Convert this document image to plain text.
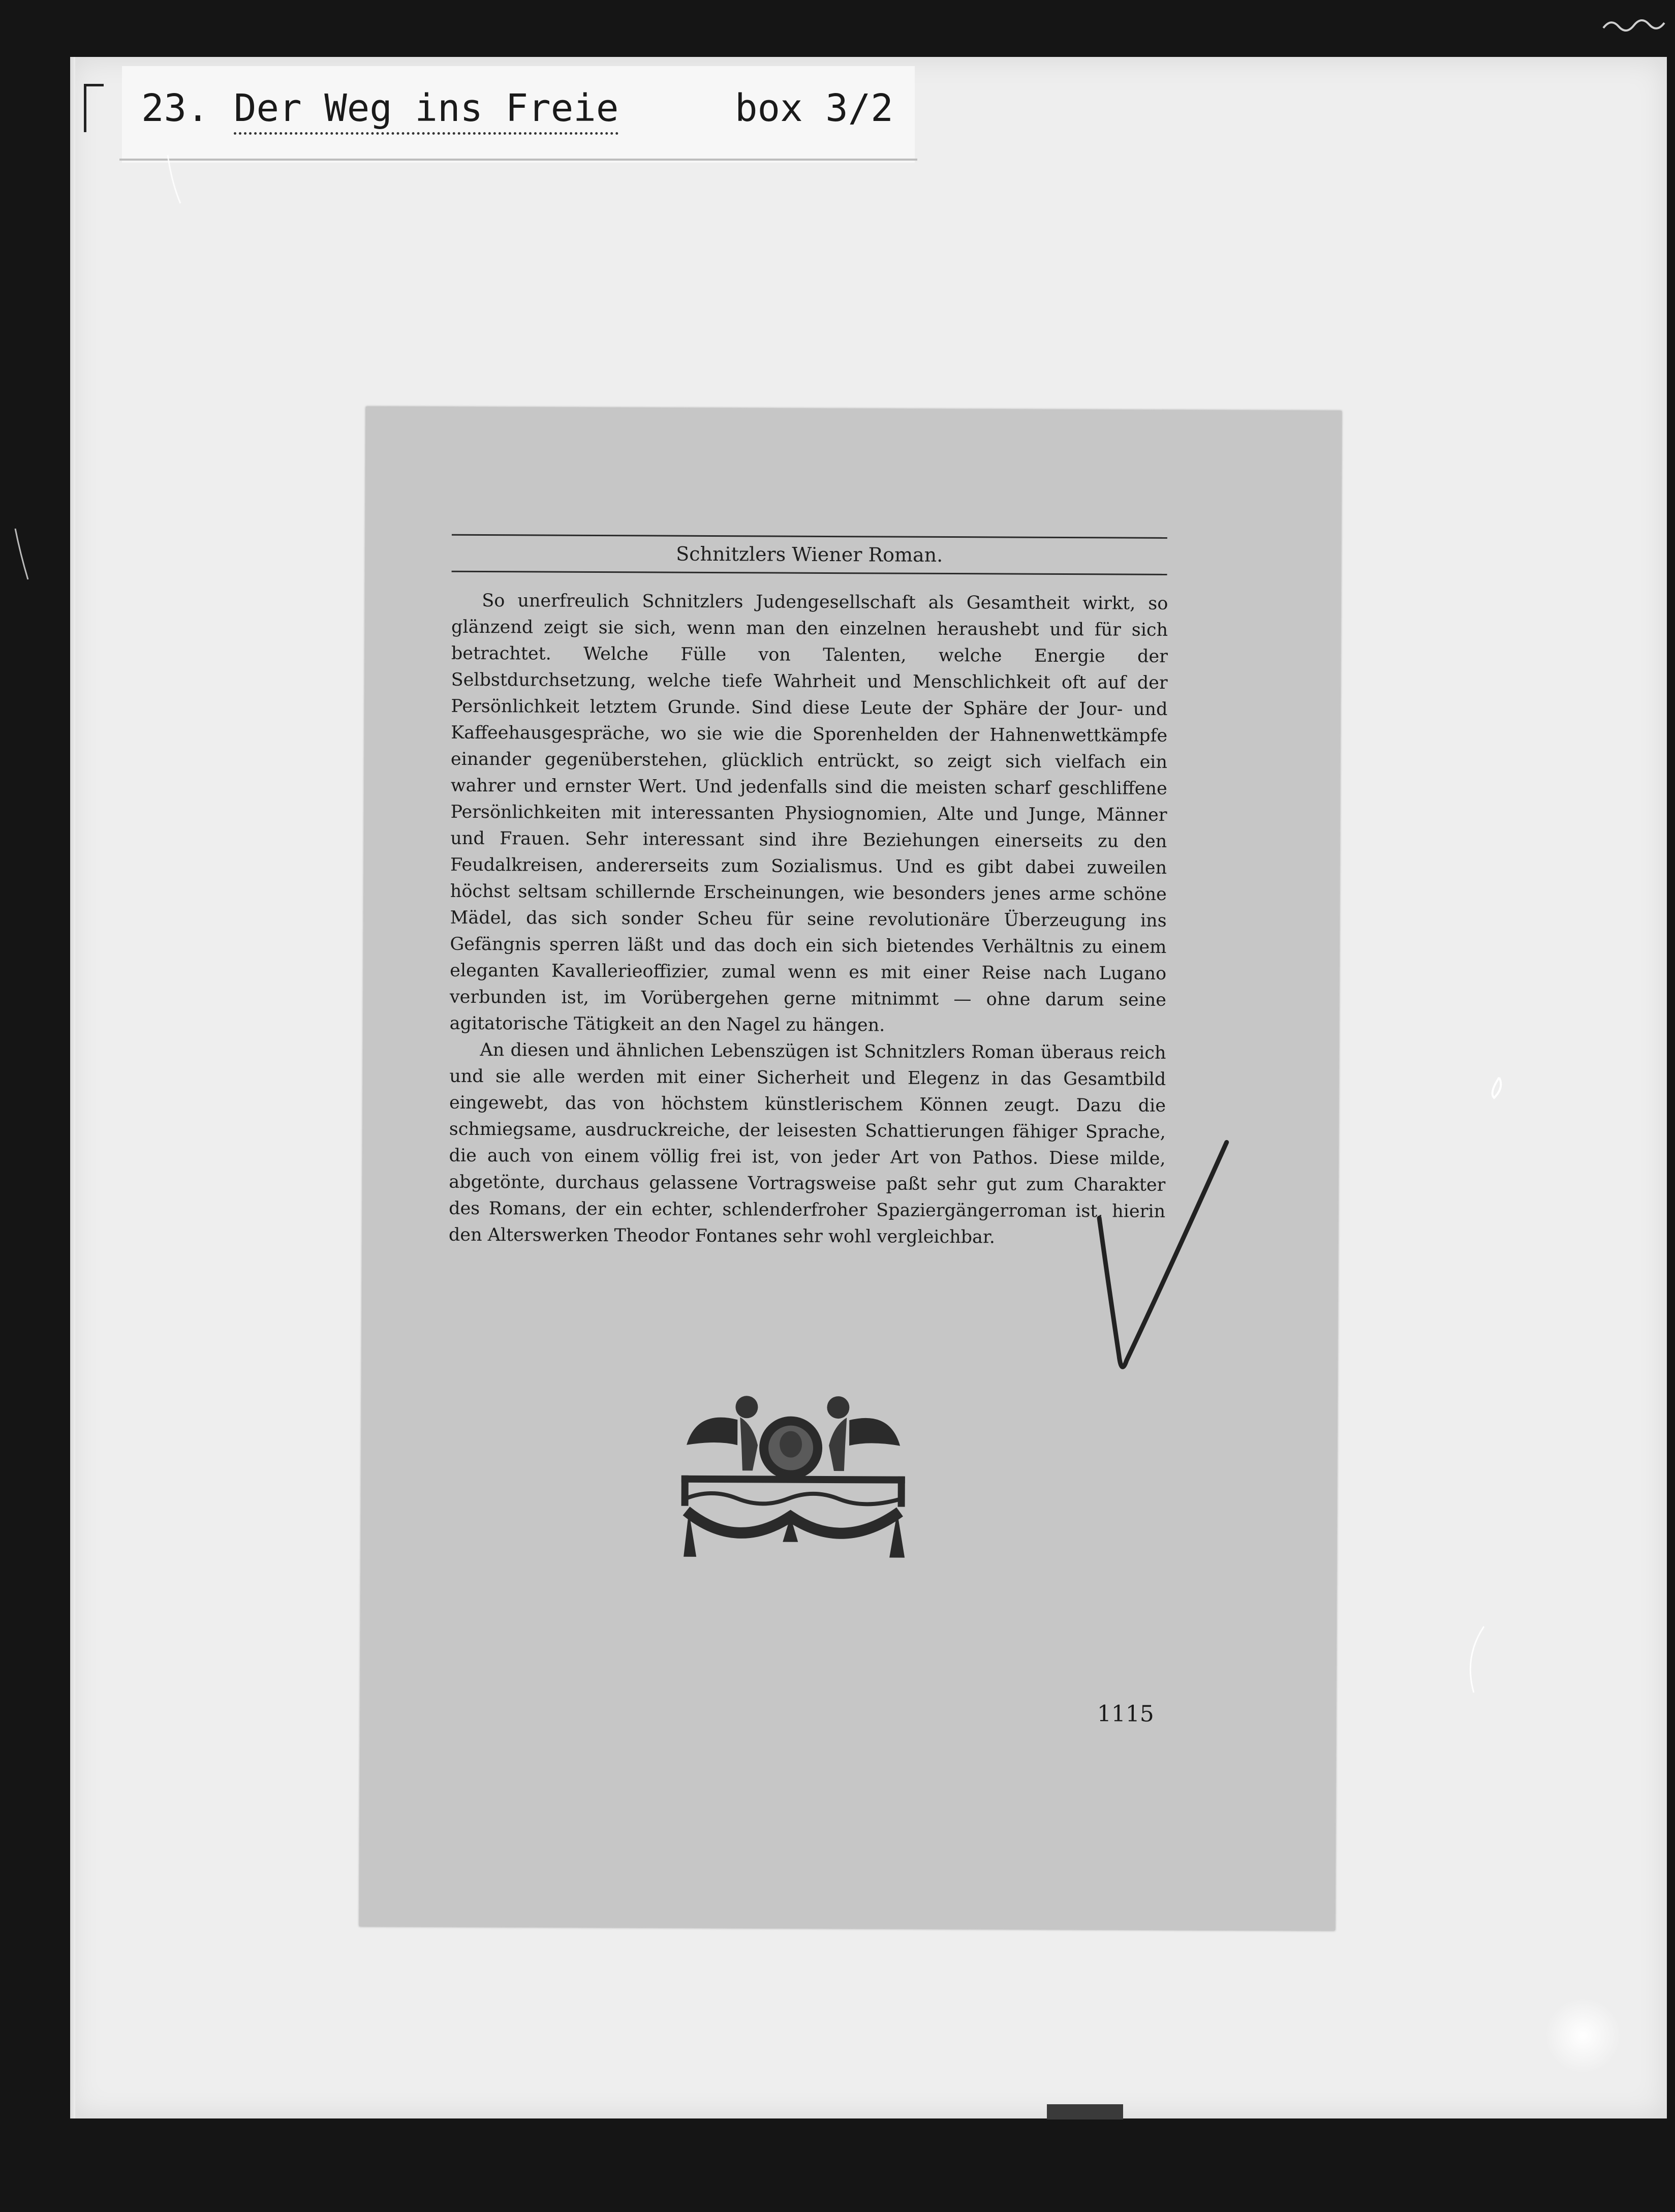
23. Der Weg ins Freie	box 3/2
Schnitzlers Wiener Roman.

So unerfreulich Schnitzlers Judengesellschaft als Gesamtheit wirkt, so glänzend zeigt sie sich, wenn man den einzelnen heraushebt und für sich betrachtet. Welche Fülle von Talenten, welche Energie der Selbstdurchsetzung, welche tiefe Wahrheit und Menschlichkeit oft auf der Persönlichkeit letztem Grunde. Sind diese Leute der Sphäre der Jour- und Kaffeehausgespräche, wo sie wie die Sporenhelden der Hahnenwettkämpfe einander gegenüberstehen, glücklich entrückt, so zeigt sich vielfach ein wahrer und ernster Wert. Und jedenfalls sind die meisten scharf geschliffene Persönlichkeiten mit interessanten Physiognomien, Alte und Junge, Männer und Frauen. Sehr interessant sind ihre Beziehungen einerseits zu den Feudalkreisen, andererseits zum Sozialismus. Und es gibt dabei zuweilen höchst seltsam schillernde Erscheinungen, wie besonders jenes arme schöne Mädel, das sich sonder Scheu für seine revolutionäre Überzeugung ins Gefängnis sperren läßt und das doch ein sich bietendes Verhältnis zu einem eleganten Kavallerieoffizier, zumal wenn es mit einer Reise nach Lugano verbunden ist, im Vorübergehen gerne mitnimmt — ohne darum seine agitatorische Tätigkeit an den Nagel zu hängen.

An diesen und ähnlichen Lebenszügen ist Schnitzlers Roman überaus reich und sie alle werden mit einer Sicherheit und Elegenz in das Gesamtbild eingewebt, das von höchstem künstlerischem Können zeugt. Dazu die schmiegsame, ausdruckreiche, der leisesten Schattierungen fähiger Sprache, die auch von einem völlig frei ist, von jeder Art von Pathos. Diese milde, abgetönte, durchaus gelassene Vortragsweise paßt sehr gut zum Charakter des Romans, der ein echter, schlenderfroher Spaziergängerroman ist, hierin den Alterswerken Theodor Fontanes sehr wohl vergleichbar.

1115
